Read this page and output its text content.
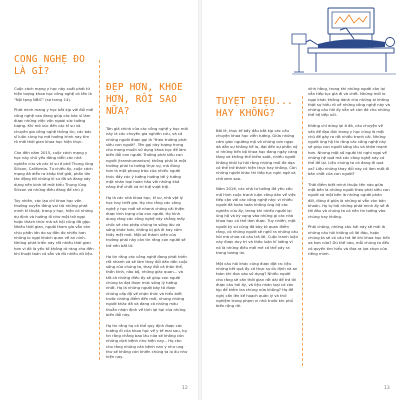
CÔNG NGHỆ ĐÓ LÀ GÌ?

Cuộc cách mạng y học này xuất phát từ hiện tượng khoa học công nghệ có tên là "Nội tạng NBIC" (sơ trang 14).

Phát minh mang y học bắt kịp với đổi mới công nghệ cao đang giúp các bác sĩ làm được những việc vốn ngoài sức tưởng tượng. Khi mở xúc đến các kĩ sư và chuyên gia công nghệ thông tin, các bác sĩ luôn cùng họ mở hướng trình nay tìm rõ mới thời gian khoa học hiện thực.

Cho đến năm 2015, cuộc cách mạng y học này chủ yếu đóng diễn các nhà nghiên cứu và các kĩ sư ở phố Thung lũng Silicon, California. Tư chiều ấy, cuộc cách mạng đã diễn ra khắp thế giới, phần lớn tác động tới những kĩ sư đã và đang xây dựng nền kinh tế mới kiểu Thung lũng Silicon và những điều đáng để chú ý.

Tuy nhiên, các lạo chỉ khoa học vốn thường xuyên đóng vai trò những phát minh kĩ thuật, trong y học, hiện có những dự định và hướng đi như một trở ngại hoặc thách thức mà xã hội cũng đã gặp. Nhiều thời gian, người tham gia vẫn còn chịu phần lớn do sự đắn đo nhiều hơn những lo ngại khách quan về an ninh. Những phát triển này rất nhiều thời gian hơn vì đó là yếu tố không rõ ràng cho đến khi thuật toán có sẵn và đủ nhiều dữ liệu.

ĐẸP HƠN, KHỎE HƠN, RỒI SAO NỮA?

Tân giả chính của các công nghệ y học mới này là các chuyên gia nghiên cứu, và cả những người được gọi là "theo trường phái siêu con người". Tên gọi này tượng trưng cho mong muốn sử dụng khoa học để làm biến đổi con người. Trường phái siêu con người (transhumanism) không phải là một trường phái tư tưởng thực sự, mà đúng hơn là một phong trào của nhiều người thúc đẩy các ý tưởng hướng tới ý tưởng một nhân loại hoàn hảo với những khả năng thể chất và trí tuệ vượt trội.

Họ là các nhà khoa học, kĩ sư, nhà vật lý học hay triết gia. Họ cho rằng các công nghệ y học mới sẽ nhanh chóng cải thiện được tình trạng của con người. Họ hình dung răng các công nghệ này chẳng mấy chốc sẽ cho phép chúng ta sống lâu và sống khỏe hơn, không bị già đi hay cảm thấy mệt mỏi. Một số thành viên của trường phái này còn tin rằng con người sẽ trở nên bất tử.

Họ tin rằng các công nghệ đang phát triển rất nhanh và sẽ làm thay đổi dần dần cuộc sống của chúng ta, thay đổi cả thân thể, thần kinh, não bộ, những giác quan... và tất cả những điều ấy sẽ giúp con người chúng ta đạt được mức sống lý tưởng nhất. Họ là những người bày tỏ được những cấp độ về nhận thức và hiểu biết trước những điểm đến mới, nhưng những người khác đã và đang có những mâu thuẫn nhận định về tính lợi hại của những biến đổi này.

Họ tin rằng họ có thể quy định được các hướng đi của khoa học về y tế mai sau, họ tin rằng chẳng bao lâu nữa sẽ không còn những dịch bệnh như hiện nay... Họ còn cho rằng những căn bệnh nan y như ung thư sẽ không còn khiến chúng ta lo âu như hiện nay.

12
TUYỆT DIỆU... HAY KHÔNG?

Bởi lẽ, thực tế bấy đầu bắt kịp các cấu chuyện khoa học viễn tưởng. Giữa những cảm giác ngưỡng mộ vô những cơn ngạc dà dẫn sự không hề lo, đạt đến sự phẫn nộ vì những tiến bộ khoa học đang ngày càng tăng và không thể kiểm soát, nhiều người không khỏi tự hỏi rằng những mối đe dọa có thể trở thành hiện thực hay không. Còn những người khác thì tiếp tục nghi ngờ và chờ xem sao.

Năm 2016, các nhà tư tưởng đã yêu cầu mô hình cuộc tranh luận công dân về việc tiếp cận với các công nghệ này: vì nhiều người đã hoàn toàn không ủng hộ các nghiên cứu ấy, trong khi nhiều người lại ủng hộ và kỳ vọng vào những gì các nhà khoa học có thể làm được. Tuy nhiên, một người kỹ sư cũng đã bày tỏ quan điểm rằng, có những người sẽ nghĩ ra những câu hỏi mà chưa có câu trả lời. Cuộc tranh luận này được duy trì và thảo luận kĩ lưỡng vì nó là những điều mới mẻ có thể xảy ra trong tương lai.

Một câu hỏi khác cũng được đặt ra: liệu những kết quả ấy có thực sự ổn định và an toàn khi đưa vào sử dụng? Nhiều người cho rằng sẽ cần thời gian rất dài để trả lời được câu hỏi ấy, và liệu nhân loại có còn kịp để kiểm tra chúng nữa không? Họ đề nghị cần lên kế hoạch quản lý và thử nghiệm trong phạm vi nhỏ trước khi phổ biến rộng rãi.

vĩnh hằng, trong khi những người còn lại vẫn tiếp tục già đi và chết. Những mối lo ngại khác không dành cho những ai không thật sự hiểu rõ về những công nghệ này và những câu hỏi ấy vẫn sẽ còn đó cho những thế hệ tiếp nối.

Không chỉ dừng lại ở đó, câu chuyện về vấn đề đạo đức trong y học cũng là một chủ đề gây ra rất nhiều tranh cãi. Những người ủng hộ tin rằng các công nghệ này sẽ giúp con người sống lâu và khỏe mạnh hơn. Nhưng một số người thì nghi ngại về những hệ quả mà các công nghệ này có thể để lại. Liệu chúng ta có đang đi quá xa? Liệu những thay đổi này có làm mất đi bản chất của con người?

Thời điểm biết mình thuộc tên nào giữa một bên là những người theo phái siêu con người và một bên là những người phản đối, đứng ở giữa là những ai vẫn còn băn khoăn. Họ tự hỏi những phát minh ấy sẽ đi tới đâu và chúng ta có nên tin tưởng vào chúng hay không.

Phải chăng, những câu hỏi này sẽ mãi là những câu hỏi không có lời đáp, hoặc chúng ta sẽ có câu trả lời khi khoa học tiến xa hơn nữa? Dù thế nào, mỗi chúng ta đều có quyền tìm hiểu và đưa ra lựa chọn của riêng mình.

13
